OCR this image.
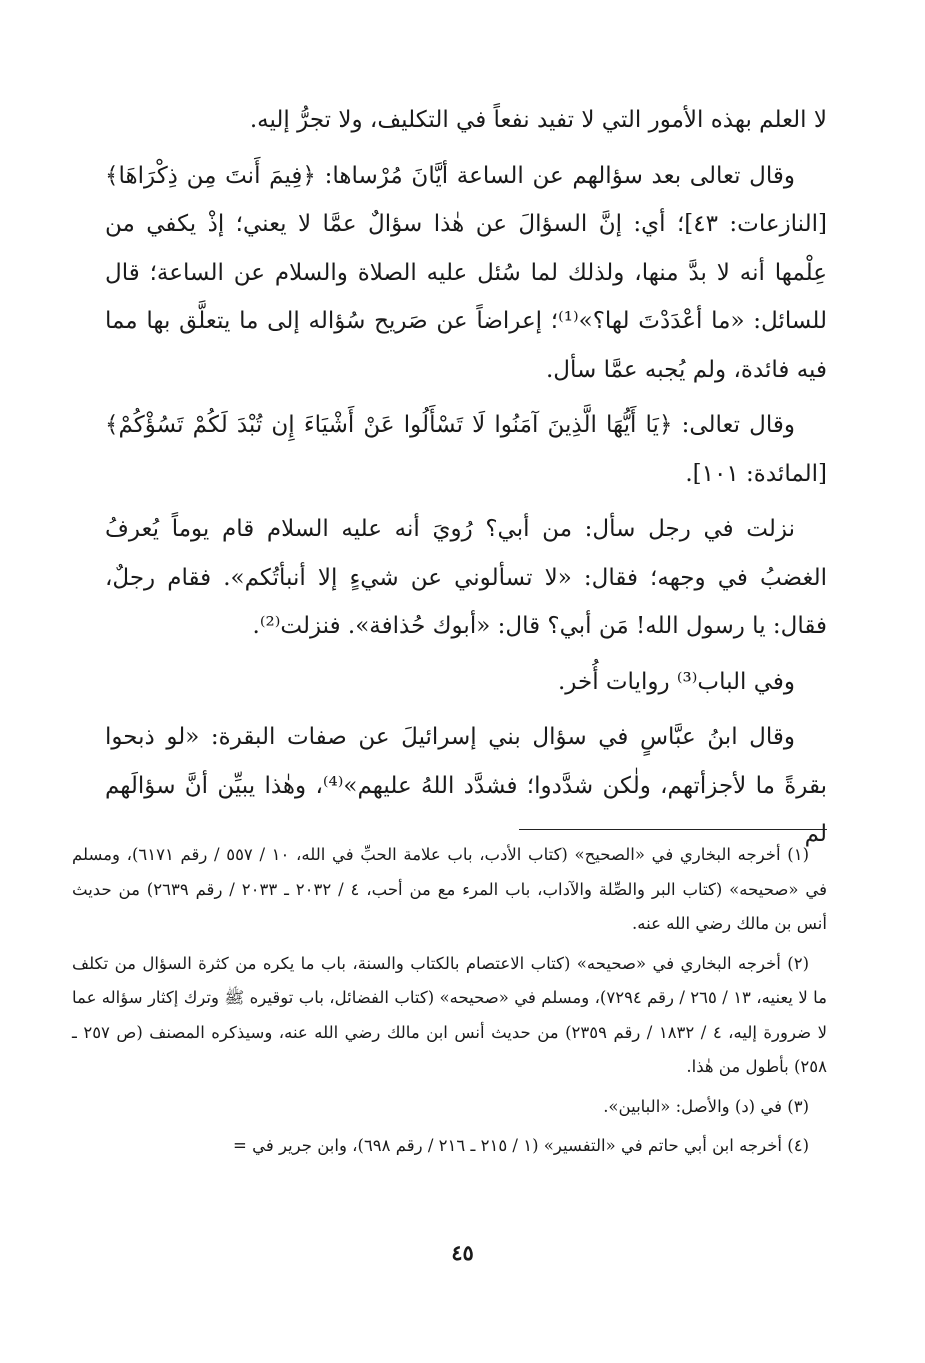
لا العلم بهذه الأمور التي لا تفيد نفعاً في التكليف، ولا تجرُّ إليه.

وقال تعالى بعد سؤالهم عن الساعة أيَّانَ مُرْساها: ﴿فِيمَ أَنتَ مِن ذِكْرَاهَا﴾ [النازعات: ٤٣]؛ أي: إنَّ السؤالَ عن هٰذا سؤالٌ عمَّا لا يعني؛ إذْ يكفي من عِلْمها أنه لا بدَّ منها، ولذلك لما سُئل عليه الصلاة والسلام عن الساعة؛ قال للسائل: «ما أعْدَدْتَ لها؟»⁽¹⁾؛ إعراضاً عن صَريح سُؤاله إلى ما يتعلَّق بها مما فيه فائدة، ولم يُجبه عمَّا سأل.

وقال تعالى: ﴿يَا أَيُّهَا الَّذِينَ آمَنُوا لَا تَسْأَلُوا عَنْ أَشْيَاءَ إِن تُبْدَ لَكُمْ تَسُؤْكُمْ﴾ [المائدة: ١٠١].

نزلت في رجل سأل: من أبي؟ رُويَ أنه عليه السلام قام يوماً يُعرفُ الغضبُ في وجهه؛ فقال: «لا تسألوني عن شيءٍ إلا أنبأتُكم». فقام رجلٌ، فقال: يا رسول الله! مَن أبي؟ قال: «أبوك حُذافة». فنزلت⁽²⁾.

وفي الباب⁽³⁾ روايات أُخر.

وقال ابنُ عبَّاسٍ في سؤال بني إسرائيلَ عن صفات البقرة: «لو ذبحوا بقرةً ما لأجزأتهم، ولٰكن شدَّدوا؛ فشدَّد اللهُ عليهم»⁽⁴⁾، وهٰذا يبيِّن أنَّ سؤالَهم لم

(١) أخرجه البخاري في «الصحيح» (كتاب الأدب، باب علامة الحبِّ في الله، ١٠ / ٥٥٧ / رقم ٦١٧١)، ومسلم في «صحيحه» (كتاب البر والصِّلة والآداب، باب المرء مع من أحب، ٤ / ٢٠٣٢ ـ ٢٠٣٣ / رقم ٢٦٣٩) من حديث أنس بن مالك رضي الله عنه.

(٢) أخرجه البخاري في «صحيحه» (كتاب الاعتصام بالكتاب والسنة، باب ما يكره من كثرة السؤال من تكلف ما لا يعنيه، ١٣ / ٢٦٥ / رقم ٧٢٩٤)، ومسلم في «صحيحه» (كتاب الفضائل، باب توقيره ﷺ وترك إكثار سؤاله عما لا ضرورة إليه، ٤ / ١٨٣٢ / رقم ٢٣٥٩) من حديث أنس ابن مالك رضي الله عنه، وسيذكره المصنف (ص ٢٥٧ ـ ٢٥٨) بأطول من هٰذا.

(٣) في (د) والأصل: «البابين».

(٤) أخرجه ابن أبي حاتم في «التفسير» (١ / ٢١٥ ـ ٢١٦ / رقم ٦٩٨)، وابن جرير في =

٤٥
